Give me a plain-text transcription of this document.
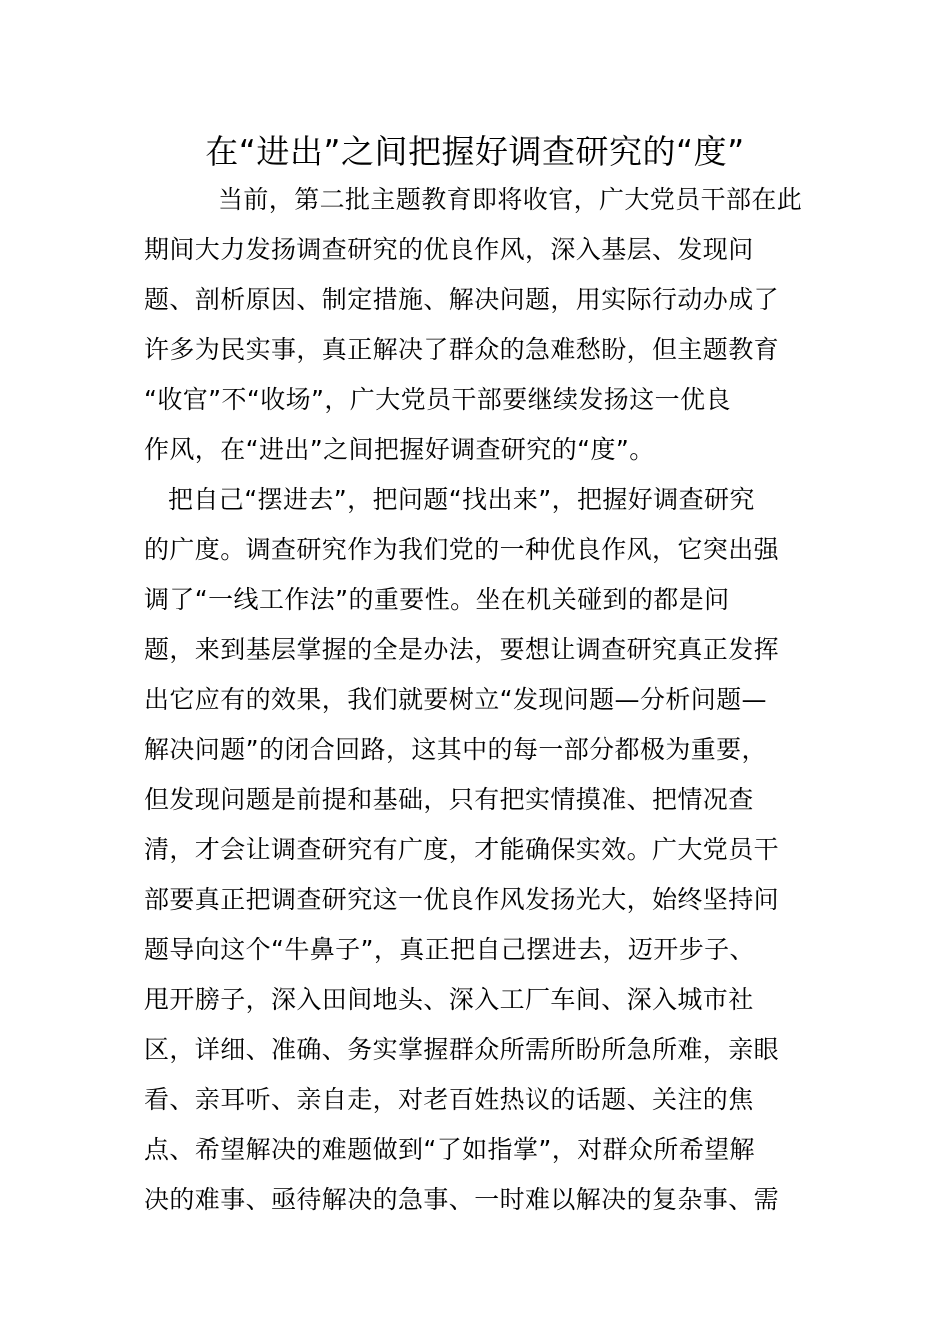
在“进出”之间把握好调查研究的“度”
当前，第二批主题教育即将收官，广大党员干部在此
期间大力发扬调查研究的优良作风，深入基层、发现问
题、剖析原因、制定措施、解决问题，用实际行动办成了
许多为民实事，真正解决了群众的急难愁盼，但主题教育
“收官”不“收场”，广大党员干部要继续发扬这一优良
作风，在“进出”之间把握好调查研究的“度”。
把自己“摆进去”，把问题“找出来”，把握好调查研究
的广度。调查研究作为我们党的一种优良作风，它突出强
调了“一线工作法”的重要性。坐在机关碰到的都是问
题，来到基层掌握的全是办法，要想让调查研究真正发挥
出它应有的效果，我们就要树立“发现问题—分析问题—
解决问题”的闭合回路，这其中的每一部分都极为重要，
但发现问题是前提和基础，只有把实情摸准、把情况查
清，才会让调查研究有广度，才能确保实效。广大党员干
部要真正把调查研究这一优良作风发扬光大，始终坚持问
题导向这个“牛鼻子”，真正把自己摆进去，迈开步子、
甩开膀子，深入田间地头、深入工厂车间、深入城市社
区，详细、准确、务实掌握群众所需所盼所急所难，亲眼
看、亲耳听、亲自走，对老百姓热议的话题、关注的焦
点、希望解决的难题做到“了如指掌”，对群众所希望解
决的难事、亟待解决的急事、一时难以解决的复杂事、需
